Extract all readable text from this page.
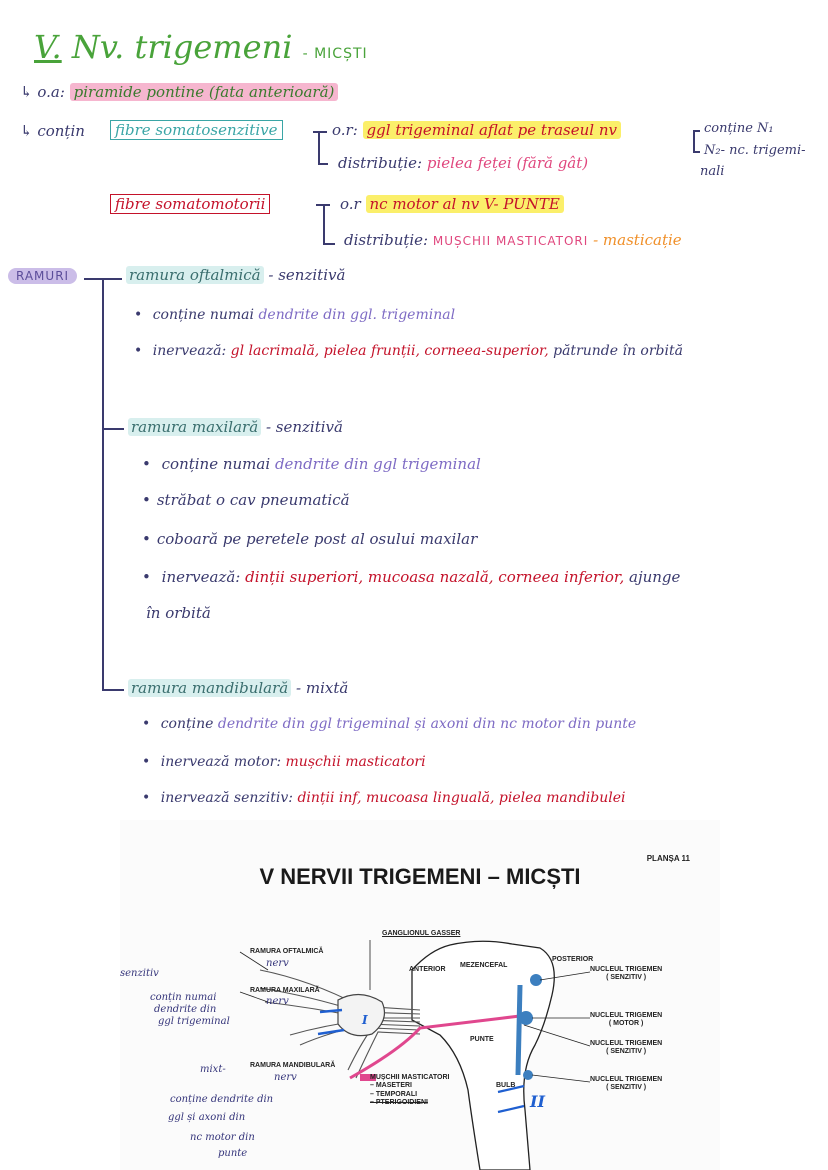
V. Nv. trigemeni - MICȘTI
↳ o.a: piramide pontine (fata anterioară)
↳ conțin	fibre somatosenzitive	o.r: ggl trigeminal aflat pe traseul nv
distribuție: pielea feței (fără gât)
conține N₁
N₂- nc. trigemi-
nali
fibre somatomotorii	o.r nc motor al nv V- PUNTE
distribuție: MUȘCHII MASTICATORI - masticație
RAMURI	ramura oftalmică - senzitivă
• conține numai dendrite din ggl. trigeminal
• inervează: gl lacrimală, pielea frunții, corneea-superior, pătrunde în orbită
ramura maxilară - senzitivă
• conține numai dendrite din ggl trigeminal
• străbat o cav pneumatică
• coboară pe peretele post al osului maxilar
• inervează: dinții superiori, mucoasa nazală, corneea inferior, ajunge
în orbită
ramura mandibulară - mixtă
• conține dendrite din ggl trigeminal și axoni din nc motor din punte
• inervează motor: mușchii masticatori
• inervează senzitiv: dinții inf, mucoasa linguală, pielea mandibulei
PLANȘA 11
V NERVII TRIGEMENI – MICȘTI
GANGLIONUL GASSER
ANTERIOR
MEZENCEFAL
POSTERIOR
PUNTE
BULB
RAMURA OFTALMICĂ
RAMURA MAXILARĂ
RAMURA MANDIBULARĂ
MUȘCHII MASTICATORI
– MASETERI
– TEMPORALI
– PTERIGOIDIENI
NUCLEUL TRIGEMEN
( SENZITIV )
NUCLEUL TRIGEMEN
( MOTOR )
NUCLEUL TRIGEMEN
( SENZITIV )
NUCLEUL TRIGEMEN
( SENZITIV )
nerv
nerv
nerv
senzitiv
conțin numai
dendrite din
ggl trigeminal
mixt-
conține dendrite din
ggl și axoni din
nc motor din
punte
I
II
